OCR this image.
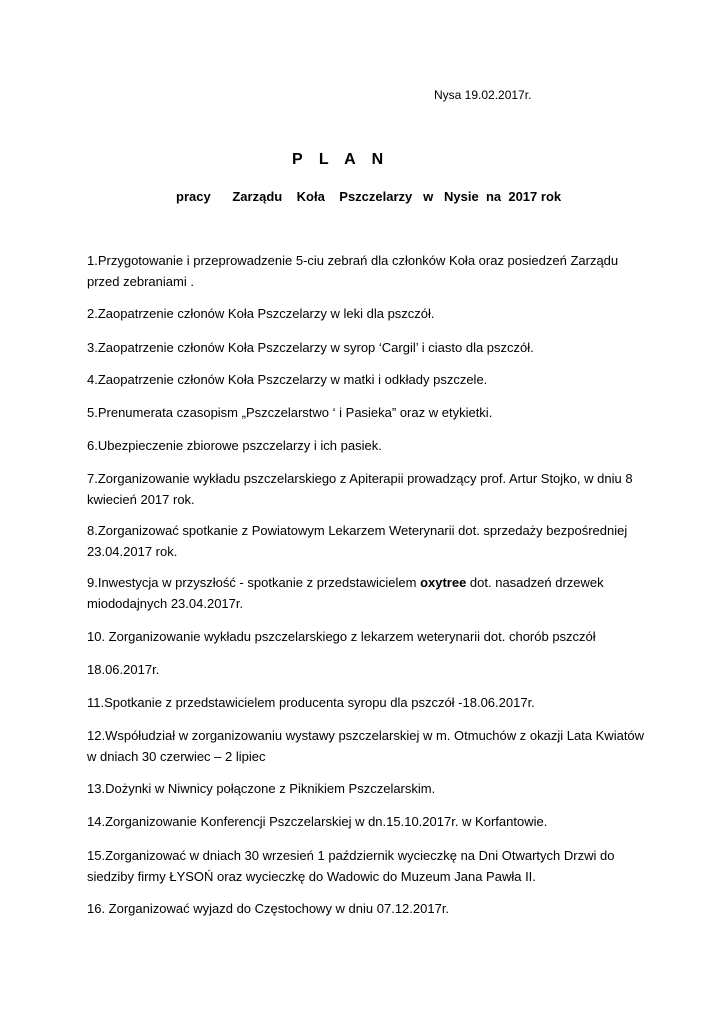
Nysa 19.02.2017r.
P L A N
pracy      Zarządu    Koła    Pszczelarzy   w   Nysie  na  2017 rok
1.Przygotowanie i przeprowadzenie 5-ciu zebrań dla członków Koła oraz posiedzeń Zarządu przed zebraniami .
2.Zaopatrzenie członów Koła Pszczelarzy w leki dla pszczół.
3.Zaopatrzenie członów Koła Pszczelarzy w syrop ‘Cargil’ i ciasto dla pszczół.
4.Zaopatrzenie członów Koła Pszczelarzy w matki i odkłady pszczele.
5.Prenumerata czasopism „Pszczelarstwo ‘ i Pasieka” oraz w etykietki.
6.Ubezpieczenie zbiorowe pszczelarzy i ich pasiek.
7.Zorganizowanie wykładu pszczelarskiego z Apiterapii prowadzący prof. Artur Stojko, w dniu 8 kwiecień 2017 rok.
8.Zorganizować spotkanie z Powiatowym Lekarzem Weterynarii dot. sprzedaży bezpośredniej 23.04.2017 rok.
9.Inwestycja w przyszłość - spotkanie z przedstawicielem oxytree dot. nasadzeń drzewek miododajnych 23.04.2017r.
10. Zorganizowanie wykładu pszczelarskiego z lekarzem weterynarii dot. chorób pszczół
18.06.2017r.
11.Spotkanie z przedstawicielem producenta syropu dla pszczół -18.06.2017r.
12.Współudział w zorganizowaniu wystawy pszczelarskiej w m. Otmuchów z okazji Lata Kwiatów w dniach 30 czerwiec – 2 lipiec
13.Dożynki w Niwnicy połączone z Piknikiem Pszczelarskim.
14.Zorganizowanie Konferencji Pszczelarskiej w dn.15.10.2017r. w Korfantowie.
15.Zorganizować w dniach 30 wrzesień 1 październik wycieczkę na Dni Otwartych Drzwi do siedziby firmy ŁYSOŃ oraz wycieczkę do Wadowic do Muzeum Jana Pawła II.
16. Zorganizować wyjazd do Częstochowy w dniu 07.12.2017r.
